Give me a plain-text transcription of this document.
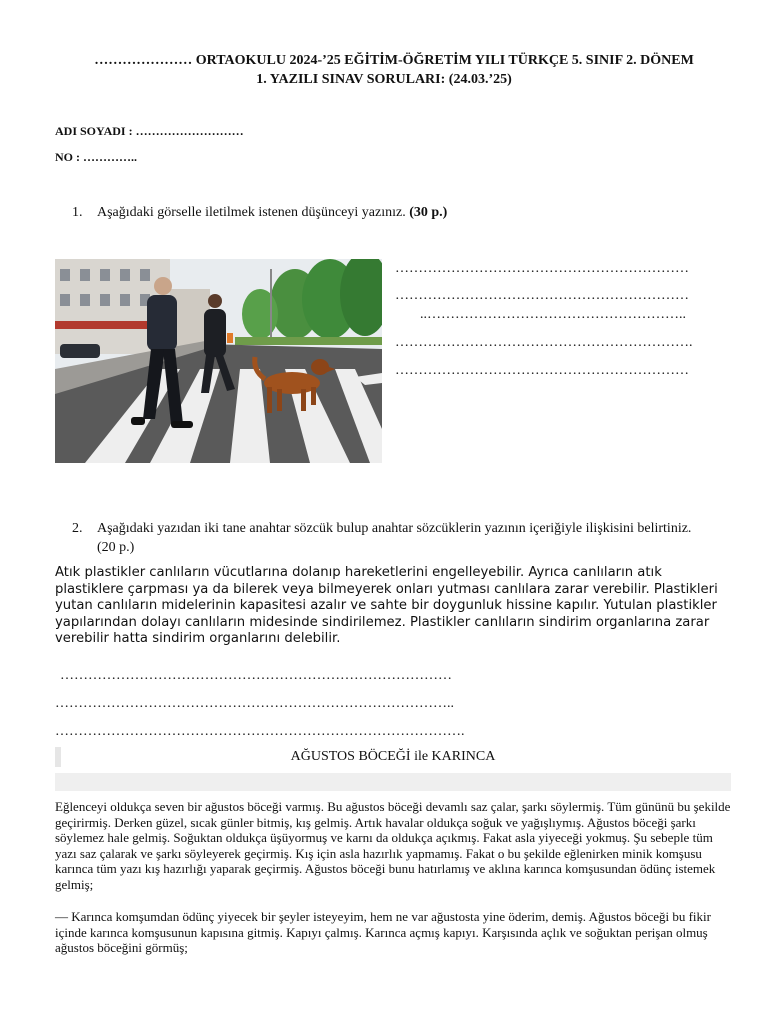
………………… ORTAOKULU 2024-’25 EĞİTİM-ÖĞRETİM YILI TÜRKÇE 5. SINIF 2. DÖNEM
1. YAZILI SINAV SORULARI: (24.03.’25)
ADI SOYADI : ………………………
NO : …………..
1.	Aşağıdaki görselle iletilmek istenen düşünceyi yazınız. (30 p.)
………………………………………………………
………………………………………………………
..………………………………………………..
……………………………………………………….
………………………………………………………
2.	Aşağıdaki yazıdan iki tane anahtar sözcük bulup anahtar sözcüklerin yazının içeriğiyle ilişkisini belirtiniz. (20 p.)
Atık plastikler canlıların vücutlarına dolanıp hareketlerini engelleyebilir. Ayrıca canlıların atık plastiklere çarpması ya da bilerek veya bilmeyerek onları yutması canlılara zarar verebilir. Plastikleri yutan canlıların midelerinin kapasitesi azalır ve sahte bir doygunluk hissine kapılır. Yutulan plastikler yapılarından dolayı canlıların midesinde sindirilemez. Plastikler canlıların sindirim organlarına zarar verebilir hatta sindirim organlarını delebilir.
…………………………………………………………………………
…………………………………………………………………………..
…………………………………………………………………………….
AĞUSTOS BÖCEĞİ ile KARINCA
Eğlenceyi oldukça seven bir ağustos böceği varmış. Bu ağustos böceği devamlı saz çalar, şarkı söylermiş. Tüm gününü bu şekilde geçirirmiş. Derken güzel, sıcak günler bitmiş, kış gelmiş. Artık havalar oldukça soğuk ve yağışlıymış. Ağustos böceği şarkı söylemez hale gelmiş. Soğuktan oldukça üşüyormuş ve karnı da oldukça açıkmış. Fakat asla yiyeceği yokmuş. Şu sebeple tüm yazı saz çalarak ve şarkı söyleyerek geçirmiş. Kış için asla hazırlık yapmamış. Fakat o bu şekilde eğlenirken minik komşusu karınca tüm yazı kış hazırlığı yaparak geçirmiş. Ağustos böceği bunu hatırlamış ve aklına karınca komşusundan ödünç istemek gelmiş;
— Karınca komşumdan ödünç yiyecek bir şeyler isteyeyim, hem ne var ağustosta yine öderim, demiş. Ağustos böceği bu fikir içinde karınca komşusunun kapısına gitmiş. Kapıyı çalmış. Karınca açmış kapıyı. Karşısında açlık ve soğuktan perişan olmuş ağustos böceğini görmüş;
